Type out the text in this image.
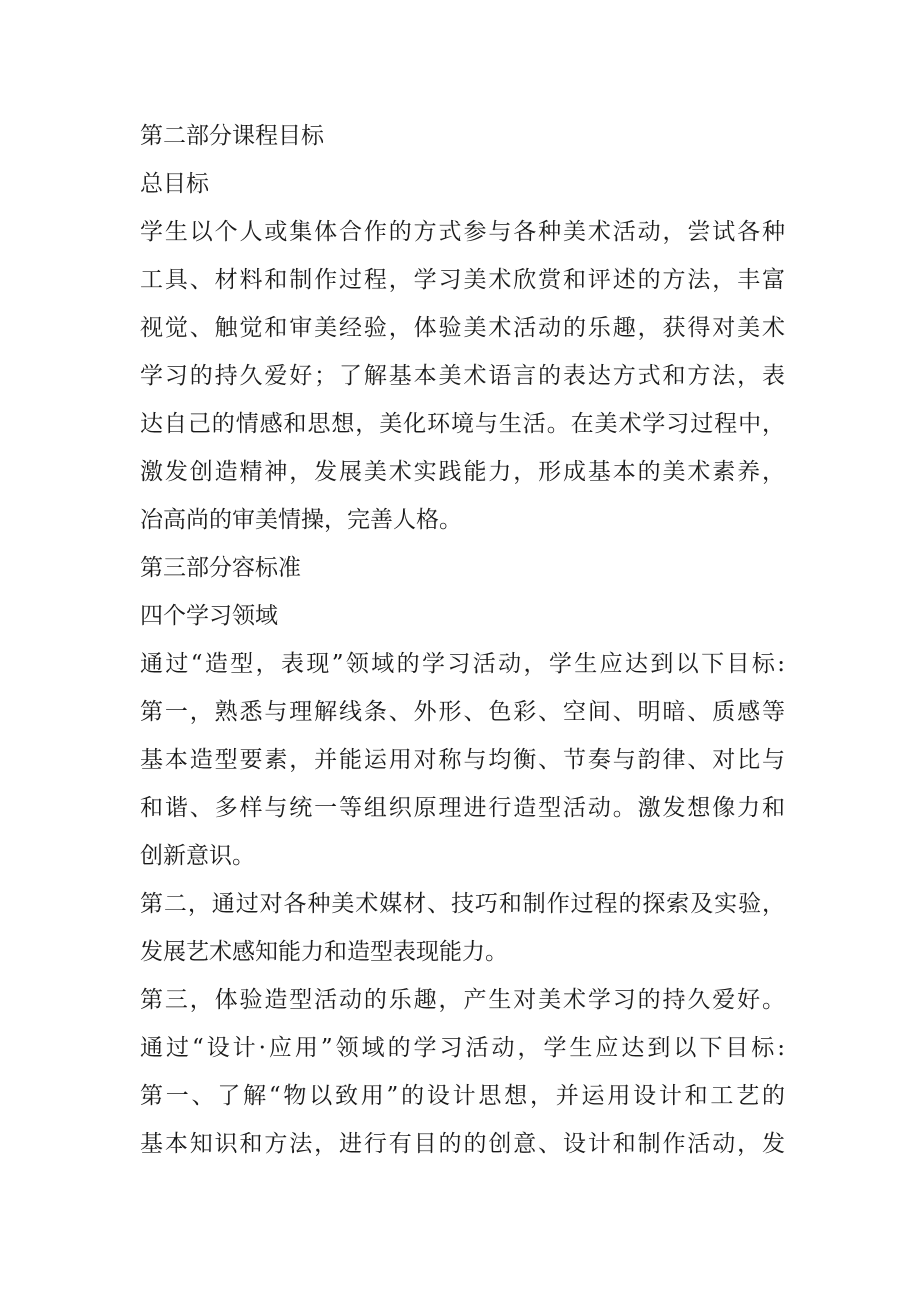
第二部分课程目标
总目标
学生以个人或集体合作的方式参与各种美术活动，尝试各种
工具、材料和制作过程，学习美术欣赏和评述的方法，丰富
视觉、触觉和审美经验，体验美术活动的乐趣，获得对美术
学习的持久爱好；了解基本美术语言的表达方式和方法，表
达自己的情感和思想，美化环境与生活。在美术学习过程中，
激发创造精神，发展美术实践能力，形成基本的美术素养，
冶高尚的审美情操，完善人格。
第三部分容标准
四个学习领域
通过“造型，表现”领域的学习活动，学生应达到以下目标:
第一，熟悉与理解线条、外形、色彩、空间、明暗、质感等
基本造型要素，并能运用对称与均衡、节奏与韵律、对比与
和谐、多样与统一等组织原理进行造型活动。激发想像力和
创新意识。
第二，通过对各种美术媒材、技巧和制作过程的探索及实验，
发展艺术感知能力和造型表现能力。
第三，体验造型活动的乐趣，产生对美术学习的持久爱好。
通过“设计·应用”领域的学习活动，学生应达到以下目标:
第一、了解“物以致用”的设计思想，并运用设计和工艺的
基本知识和方法，进行有目的的创意、设计和制作活动，发
